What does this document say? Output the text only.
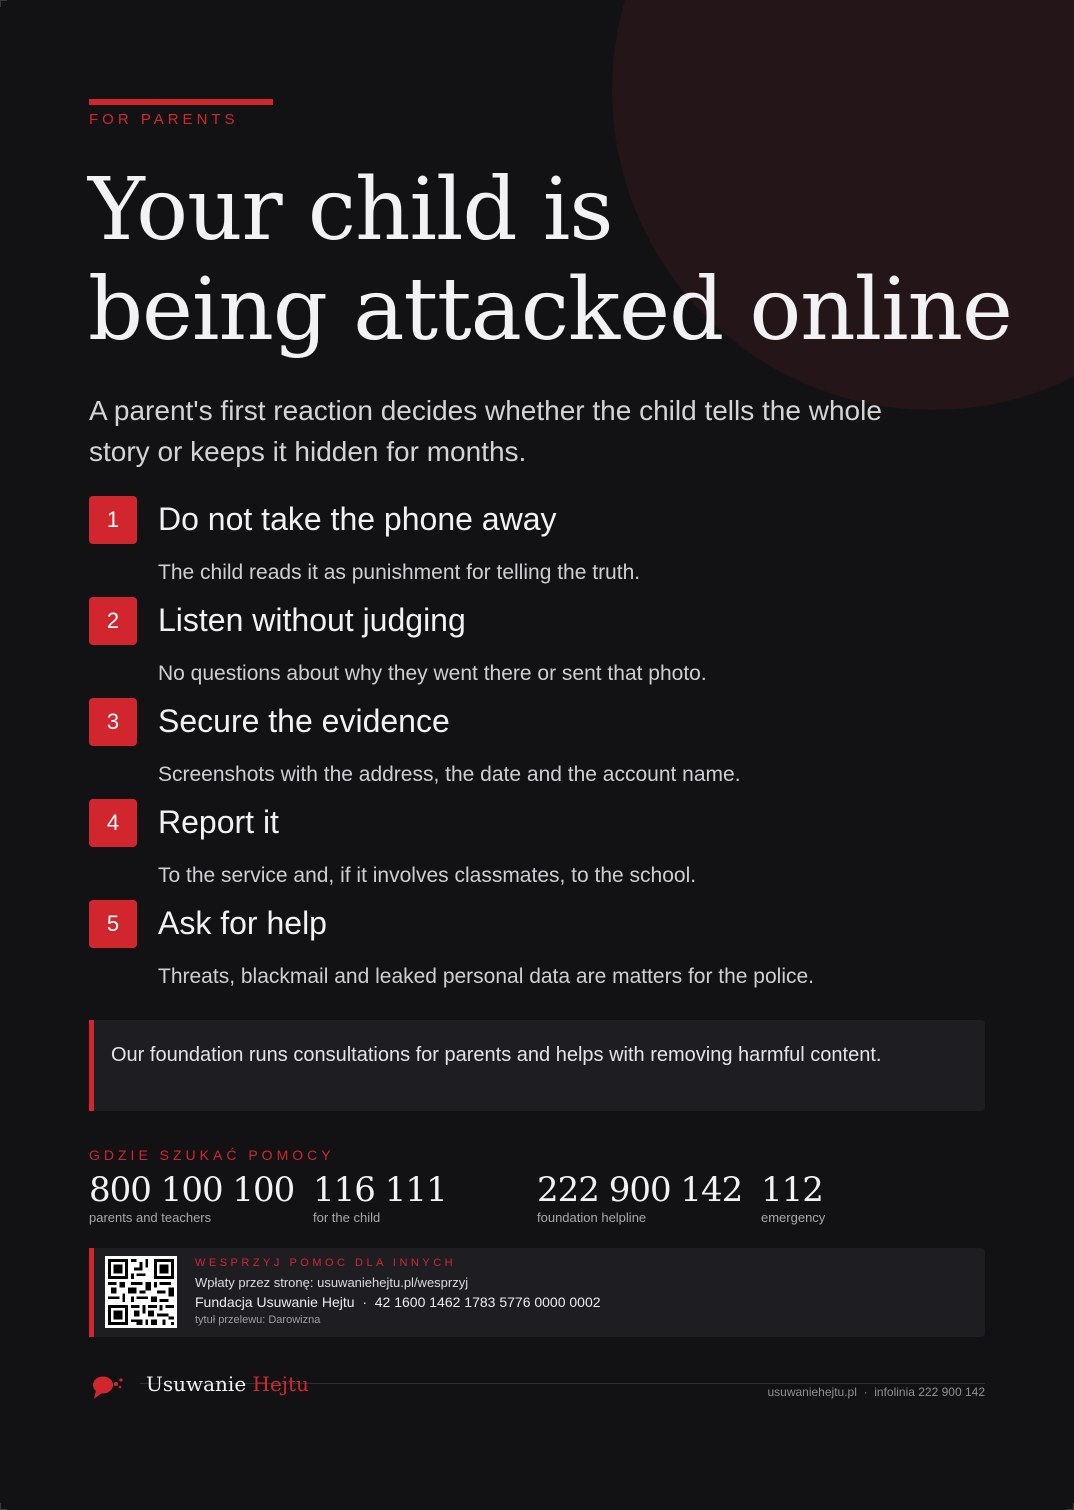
FOR PARENTS
Your child is
being attacked online

A parent's first reaction decides whether the child tells the whole story or keeps it hidden for months.

1	Do not take the phone away
The child reads it as punishment for telling the truth.
2	Listen without judging
No questions about why they went there or sent that photo.
3	Secure the evidence
Screenshots with the address, the date and the account name.
4	Report it
To the service and, if it involves classmates, to the school.
5	Ask for help
Threats, blackmail and leaked personal data are matters for the police.
Our foundation runs consultations for parents and helps with removing harmful content.
GDZIE SZUKAĆ POMOCY
800 100 100
parents and teachers
116 111
for the child
222 900 142
foundation helpline
112
emergency
WESPRZYJ POMOC DLA INNYCH
Wpłaty przez stronę: usuwaniehejtu.pl/wesprzyj
Fundacja Usuwanie Hejtu · 42 1600 1462 1783 5776 0000 0002
tytuł przelewu: Darowizna
Usuwanie Hejtu	usuwaniehejtu.pl · infolinia 222 900 142
